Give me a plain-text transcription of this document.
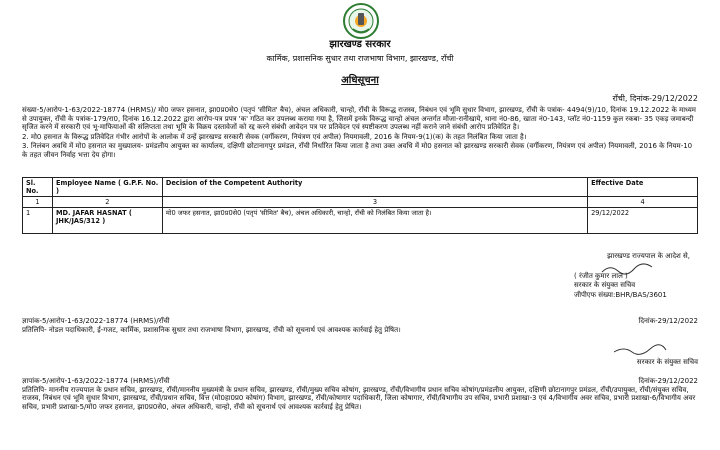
झारखण्ड सरकार
कार्मिक, प्रशासनिक सुधार तथा राजभाषा विभाग, झारखण्ड, राँची
अधिसूचना
राँची, दिनांक-29/12/2022

संख्या-5/आरोप-1-63/2022-18774 (HRMS)/ मो0 जफर हसनात, झा0प्र0से0 (पतृपं 'सीमित' बैच), अंचल अधिकारी, चान्हो, राँची के विरूद्ध राजस्व, निबंधन एवं भूमि सुधार विभाग, झारखण्ड, राँची के पत्रांक- 4494(9)/10, दिनांक 19.12.2022 के माध्यम से उपायुक्त, राँची के पत्रांक-179/रा0, दिनांक 16.12.2022 द्वारा आरोप-पत्र प्रपत्र 'क' गठित कर उपलब्ध कराया गया है, जिसमें इनके विरूद्ध चान्हो अंचल अन्तर्गत मौजा-रानीखाये, थाना नं0-86, खाता नं0-143, प्लॉट नं0-1159 कुल रकबा- 35 एकड़ जमाबन्दी सृजित करने में सरकारी एवं भू-माफियाओं की संलिप्तता तथा भूमि के विक्रय दस्तावेजों को रद्द करने संबंधी आवेदन पत्र पर प्रतिवेदन एवं स्पष्टीकरण उपलब्ध नहीं कराने जाने संबंधी आरोप प्रतिवेदित है।

2. मो0 हसनात के विरूद्ध प्रतिवेदित गंभीर आरोपों के आलोक में उन्हें झारखण्ड सरकारी सेवक (वर्गीकरण, नियंत्रण एवं अपील) नियमावली, 2016 के नियम-9(1)(क) के तहत निलंबित किया जाता है।

3. निलंबन अवधि में मो0 हसनात का मुख्यालय- प्रमंडलीय आयुक्त का कार्यालय, दक्षिणी छोटानागपुर प्रमंडल, राँची निर्धारित किया जाता है तथा उक्त अवधि में मो0 हसनात को झारखण्ड सरकारी सेवक (वर्गीकरण, नियंत्रण एवं अपील) नियमावली, 2016 के नियम-10 के तहत जीवन निर्वाह भत्ता देय होगा।

Sl. No.	Employee Name ( G.P.F. No. )	Decision of the Competent Authority	Effective Date
1	2	3	4
1	MD. JAFAR HASNAT ( JHK/JAS/312 )	मो0 जफर हसनात, झा0प्र0से0 (पतृपं 'सीमित' बैच), अंचल अधिकारी, चान्हो, राँची को निलंबित किया जाता है।	29/12/2022
झारखण्ड राज्यपाल के आदेश से,
( रंजीत कुमार लाल )
सरकार के संयुक्त सचिव
जीपीएफ संख्या:BHR/BAS/3601
ज्ञापांक-5/आरोप-1-63/2022-18774 (HRMS)/राँची	दिनांक-29/12/2022
प्रतिलिपि- नोडल पदाधिकारी, ई-गजट, कार्मिक, प्रशासनिक सुधार तथा राजभाषा विभाग, झारखण्ड, राँची को सूचनार्थ एवं आवश्यक कार्रवाई हेतु प्रेषित।
सरकार के संयुक्त सचिव
ज्ञापांक-5/आरोप-1-63/2022-18774 (HRMS)/राँची	दिनांक-29/12/2022
प्रतिलिपि- माननीय राज्यपाल के प्रधान सचिव, झारखण्ड, राँची/माननीय मुख्यमंत्री के प्रधान सचिव, झारखण्ड, राँची/मुख्य सचिव कोषांग, झारखण्ड, राँची/विभागीय प्रधान सचिव कोषांग/प्रमंडलीय आयुक्त, दक्षिणी छोटानागपुर प्रमंडल, राँची/उपायुक्त, राँची/संयुक्त सचिव, राजस्व, निबंधन एवं भूमि सुधार विभाग, झारखण्ड, राँची/प्रधान सचिव, वित्त (मो0हा0प्र0 कोषांग) विभाग, झारखण्ड, राँची/कोषागार पदाधिकारी, जिला कोषागार, राँची/विभागीय उप सचिव, प्रभारी प्रशाखा-3 एवं 4/विभागीय अवर सचिव, प्रभारी प्रशाखा-6/विभागीय अवर सचिव, प्रभारी प्रशाखा-5/मो0 जफर हसनात, झा0प्र0से0, अंचल अधिकारी, चान्हो, राँची को सूचनार्थ एवं आवश्यक कार्रवाई हेतु प्रेषित।
